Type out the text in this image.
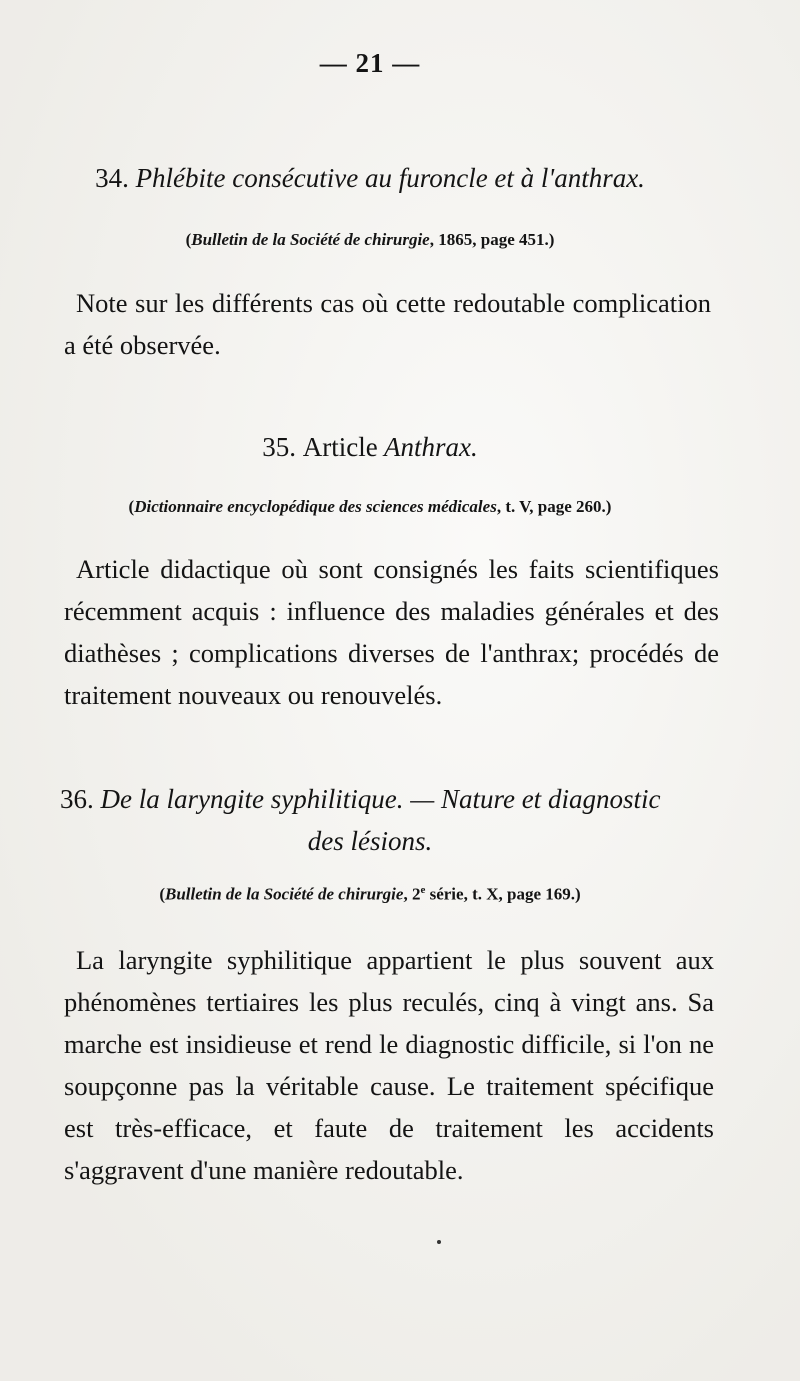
— 21 —
34. Phlébite consécutive au furoncle et à l'anthrax.
(Bulletin de la Société de chirurgie, 1865, page 451.)

Note sur les différents cas où cette redoutable complication a été observée.

35. Article Anthrax.
(Dictionnaire encyclopédique des sciences médicales, t. V, page 260.)

Article didactique où sont consignés les faits scientifiques récemment acquis : influence des maladies générales et des diathèses ; complications diverses de l'anthrax; procédés de traitement nouveaux ou renouvelés.

36. De la laryngite syphilitique. — Nature et diagnostic
des lésions.
(Bulletin de la Société de chirurgie, 2e série, t. X, page 169.)

La laryngite syphilitique appartient le plus souvent aux phénomènes tertiaires les plus reculés, cinq à vingt ans. Sa marche est insidieuse et rend le diagnostic difficile, si l'on ne soupçonne pas la véritable cause. Le traitement spécifique est très-efficace, et faute de traitement les accidents s'aggravent d'une manière redoutable.
